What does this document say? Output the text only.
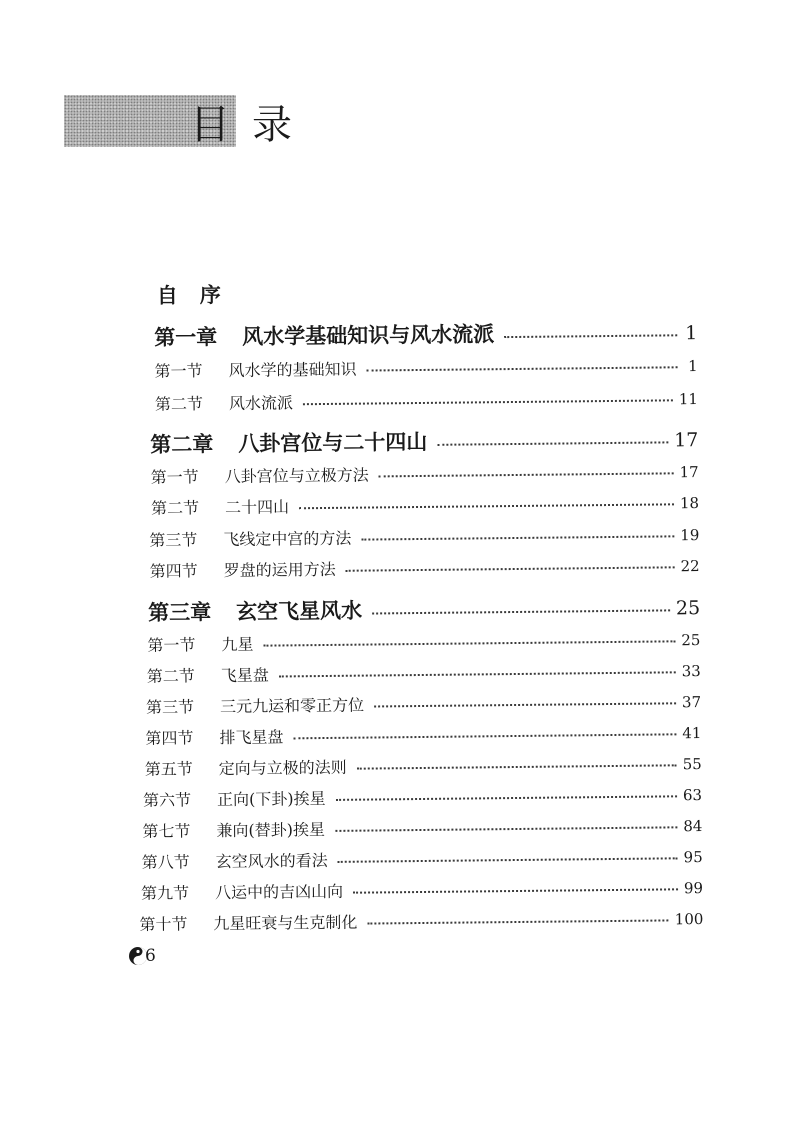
目录
自序
第一章	风水学基础知识与风水流派	1
第一节	风水学的基础知识	1
第二节	风水流派	11
第二章	八卦宫位与二十四山	17
第一节	八卦宫位与立极方法	17
第二节	二十四山	18
第三节	飞线定中宫的方法	19
第四节	罗盘的运用方法	22
第三章	玄空飞星风水	25
第一节	九星	25
第二节	飞星盘	33
第三节	三元九运和零正方位	37
第四节	排飞星盘	41
第五节	定向与立极的法则	55
第六节	正向(下卦)挨星	63
第七节	兼向(替卦)挨星	84
第八节	玄空风水的看法	95
第九节	八运中的吉凶山向	99
第十节	九星旺衰与生克制化	100
6
